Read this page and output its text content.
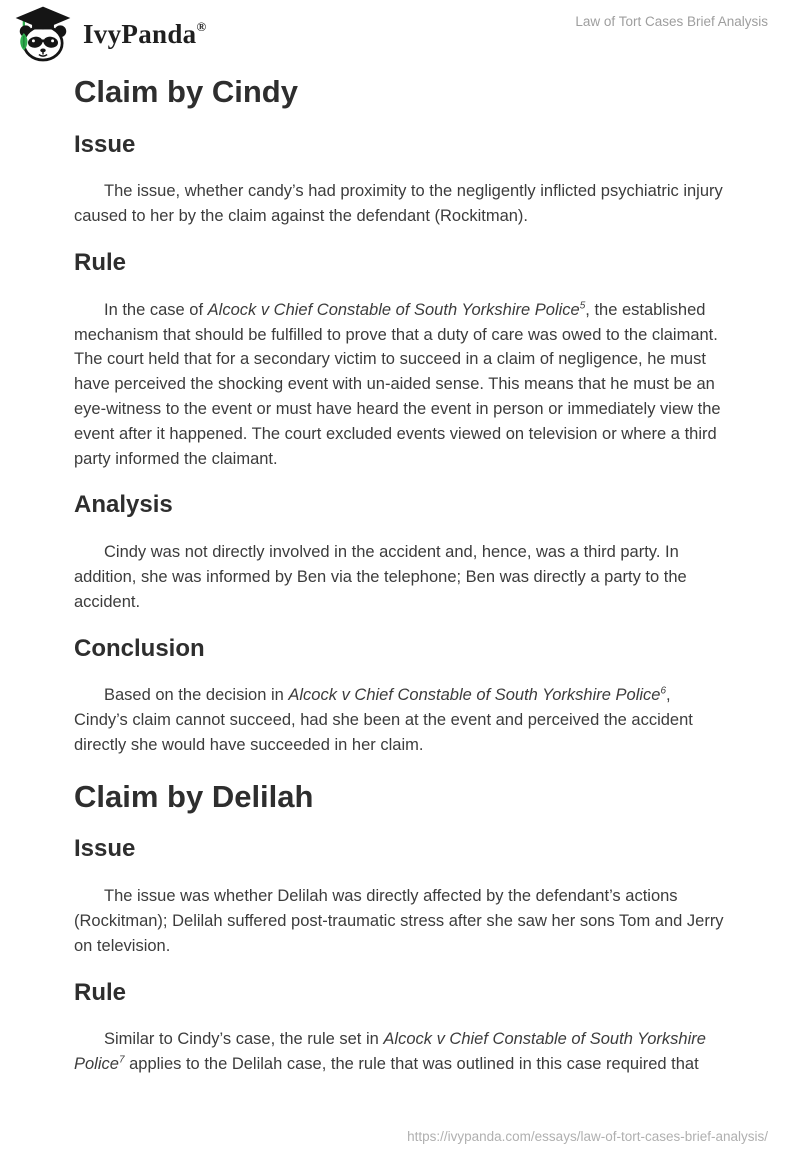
IvyPanda®	Law of Tort Cases Brief Analysis
Claim by Cindy
Issue

The issue, whether candy’s had proximity to the negligently inflicted psychiatric injury caused to her by the claim against the defendant (Rockitman).

Rule

In the case of Alcock v Chief Constable of South Yorkshire Police$^5$, the established mechanism that should be fulfilled to prove that a duty of care was owed to the claimant. The court held that for a secondary victim to succeed in a claim of negligence, he must have perceived the shocking event with un-aided sense. This means that he must be an eye-witness to the event or must have heard the event in person or immediately view the event after it happened. The court excluded events viewed on television or where a third party informed the claimant.

Analysis

Cindy was not directly involved in the accident and, hence, was a third party. In addition, she was informed by Ben via the telephone; Ben was directly a party to the accident.

Conclusion

Based on the decision in Alcock v Chief Constable of South Yorkshire Police$^6$, Cindy’s claim cannot succeed, had she been at the event and perceived the accident directly she would have succeeded in her claim.

Claim by Delilah
Issue

The issue was whether Delilah was directly affected by the defendant’s actions (Rockitman); Delilah suffered post-traumatic stress after she saw her sons Tom and Jerry on television.

Rule

Similar to Cindy’s case, the rule set in Alcock v Chief Constable of South Yorkshire Police$^7$ applies to the Delilah case, the rule that was outlined in this case required that

https://ivypanda.com/essays/law-of-tort-cases-brief-analysis/
